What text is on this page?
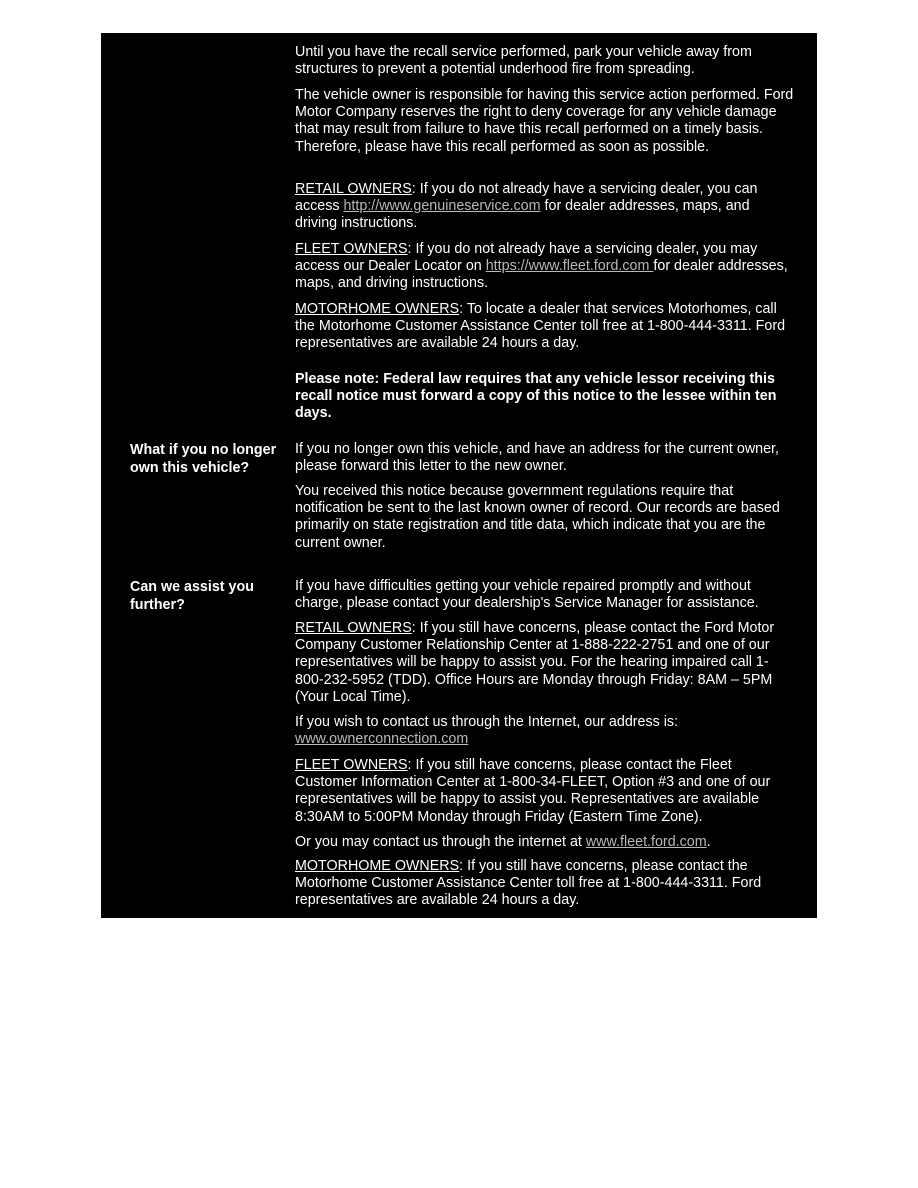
Until you have the recall service performed, park your vehicle away from structures to prevent a potential underhood fire from spreading.

The vehicle owner is responsible for having this service action performed. Ford Motor Company reserves the right to deny coverage for any vehicle damage that may result from failure to have this recall performed on a timely basis. Therefore, please have this recall performed as soon as possible.

RETAIL OWNERS: If you do not already have a servicing dealer, you can access http://www.genuineservice.com for dealer addresses, maps, and driving instructions.

FLEET OWNERS: If you do not already have a servicing dealer, you may access our Dealer Locator on https://www.fleet.ford.com for dealer addresses, maps, and driving instructions.

MOTORHOME OWNERS: To locate a dealer that services Motorhomes, call the Motorhome Customer Assistance Center toll free at 1-800-444-3311. Ford representatives are available 24 hours a day.

Please note: Federal law requires that any vehicle lessor receiving this recall notice must forward a copy of this notice to the lessee within ten days.

What if you no longer own this vehicle?

If you no longer own this vehicle, and have an address for the current owner, please forward this letter to the new owner.

You received this notice because government regulations require that notification be sent to the last known owner of record. Our records are based primarily on state registration and title data, which indicate that you are the current owner.

Can we assist you further?

If you have difficulties getting your vehicle repaired promptly and without charge, please contact your dealership's Service Manager for assistance.

RETAIL OWNERS: If you still have concerns, please contact the Ford Motor Company Customer Relationship Center at 1-888-222-2751 and one of our representatives will be happy to assist you. For the hearing impaired call 1-800-232-5952 (TDD). Office Hours are Monday through Friday: 8AM – 5PM (Your Local Time).

If you wish to contact us through the Internet, our address is:
www.ownerconnection.com

FLEET OWNERS: If you still have concerns, please contact the Fleet Customer Information Center at 1-800-34-FLEET, Option #3 and one of our representatives will be happy to assist you. Representatives are available 8:30AM to 5:00PM Monday through Friday (Eastern Time Zone).

Or you may contact us through the internet at www.fleet.ford.com.

MOTORHOME OWNERS: If you still have concerns, please contact the Motorhome Customer Assistance Center toll free at 1-800-444-3311. Ford representatives are available 24 hours a day.
